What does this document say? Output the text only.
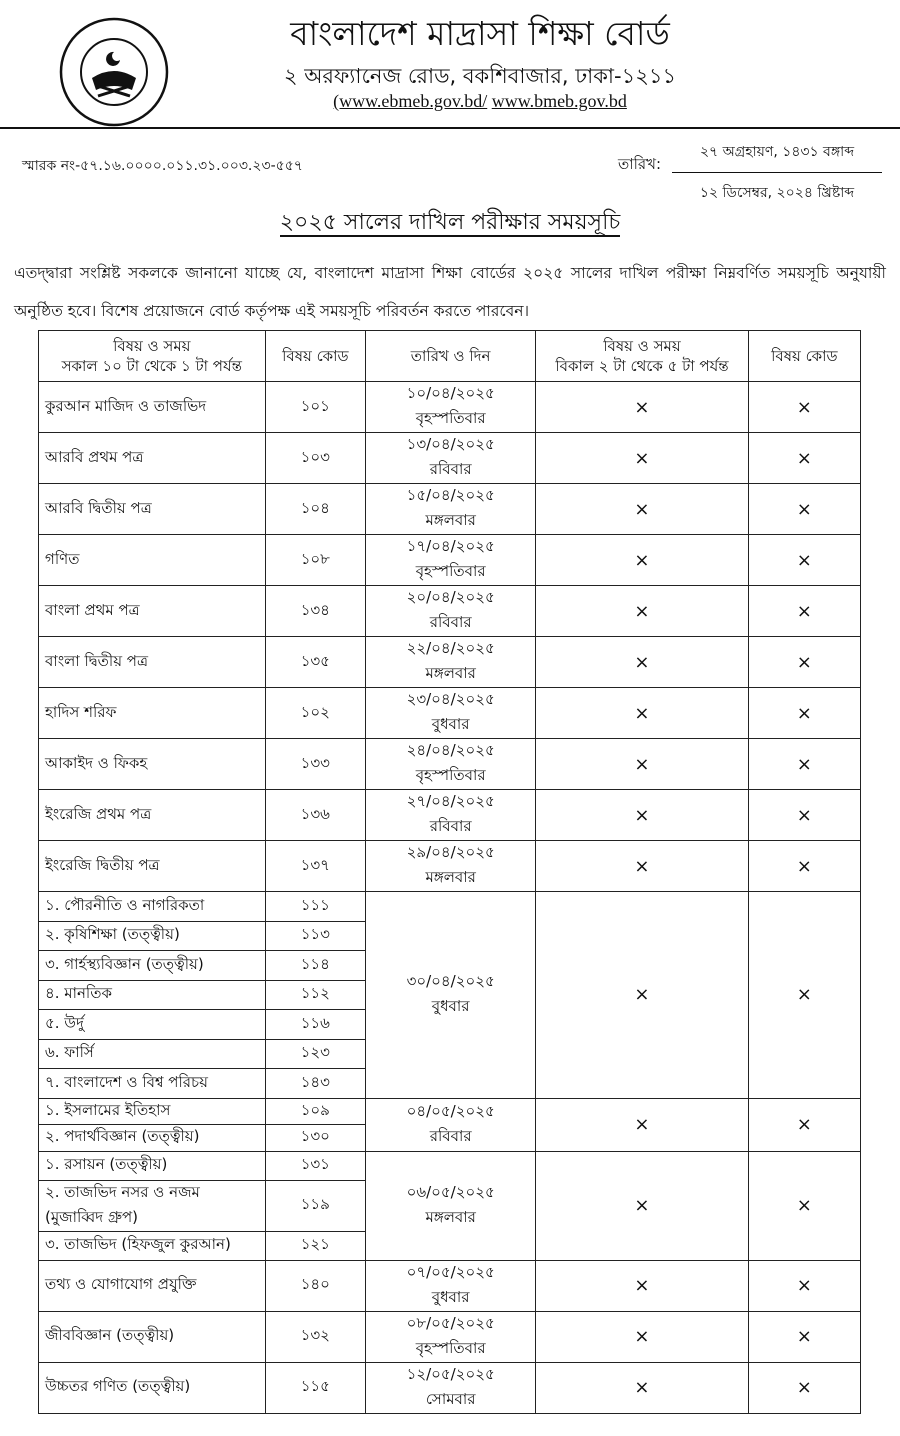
বাংলাদেশ মাদ্রাসা শিক্ষা বোর্ড
২ অরফ্যানেজ রোড, বকশিবাজার, ঢাকা-১২১১
(www.ebmeb.gov.bd/ www.bmeb.gov.bd
স্মারক নং-৫৭.১৬.০০০০.০১১.৩১.০০৩.২৩-৫৫৭	তারিখ:
২৭ অগ্রহায়ণ, ১৪৩১ বঙ্গাব্দ
১২ ডিসেম্বর, ২০২৪ খ্রিষ্টাব্দ
২০২৫ সালের দাখিল পরীক্ষার সময়সূচি
এতদ্দ্বারা সংশ্লিষ্ট সকলকে জানানো যাচ্ছে যে, বাংলাদেশ মাদ্রাসা শিক্ষা বোর্ডের ২০২৫ সালের দাখিল পরীক্ষা নিম্নবর্ণিত সময়সূচি অনুযায়ী অনুষ্ঠিত হবে। বিশেষ প্রয়োজনে বোর্ড কর্তৃপক্ষ এই সময়সূচি পরিবর্তন করতে পারবেন।
বিষয় ও সময়
সকাল ১০ টা থেকে ১ টা পর্যন্ত	বিষয় কোড	তারিখ ও দিন	বিষয় ও সময়
বিকাল ২ টা থেকে ৫ টা পর্যন্ত	বিষয় কোড
কুরআন মাজিদ ও তাজভিদ	১০১	১০/০৪/২০২৫
বৃহস্পতিবার	×	×
আরবি প্রথম পত্র	১০৩	১৩/০৪/২০২৫
রবিবার	×	×
আরবি দ্বিতীয় পত্র	১০৪	১৫/০৪/২০২৫
মঙ্গলবার	×	×
গণিত	১০৮	১৭/০৪/২০২৫
বৃহস্পতিবার	×	×
বাংলা প্রথম পত্র	১৩৪	২০/০৪/২০২৫
রবিবার	×	×
বাংলা দ্বিতীয় পত্র	১৩৫	২২/০৪/২০২৫
মঙ্গলবার	×	×
হাদিস শরিফ	১০২	২৩/০৪/২০২৫
বুধবার	×	×
আকাইদ ও ফিকহ	১৩৩	২৪/০৪/২০২৫
বৃহস্পতিবার	×	×
ইংরেজি প্রথম পত্র	১৩৬	২৭/০৪/২০২৫
রবিবার	×	×
ইংরেজি দ্বিতীয় পত্র	১৩৭	২৯/০৪/২০২৫
মঙ্গলবার	×	×
১. পৌরনীতি ও নাগরিকতা	১১১	৩০/০৪/২০২৫
বুধবার	×	×
২. কৃষিশিক্ষা (তত্ত্বীয়)	১১৩			
৩. গার্হস্থ্যবিজ্ঞান (তত্ত্বীয়)	১১৪			
৪. মানতিক	১১২			
৫. উর্দু	১১৬			
৬. ফার্সি	১২৩			
৭. বাংলাদেশ ও বিশ্ব পরিচয়	১৪৩			
১. ইসলামের ইতিহাস	১০৯	০৪/০৫/২০২৫
রবিবার	×	×
২. পদার্থবিজ্ঞান (তত্ত্বীয়)	১৩০			
১. রসায়ন (তত্ত্বীয়)	১৩১	০৬/০৫/২০২৫
মঙ্গলবার	×	×
২. তাজভিদ নসর ও নজম (মুজাব্বিদ গ্রুপ)	১১৯			
৩. তাজভিদ (হিফজুল কুরআন)	১২১			
তথ্য ও যোগাযোগ প্রযুক্তি	১৪০	০৭/০৫/২০২৫
বুধবার	×	×
জীববিজ্ঞান (তত্ত্বীয়)	১৩২	০৮/০৫/২০২৫
বৃহস্পতিবার	×	×
উচ্চতর গণিত (তত্ত্বীয়)	১১৫	১২/০৫/২০২৫
সোমবার	×	×
